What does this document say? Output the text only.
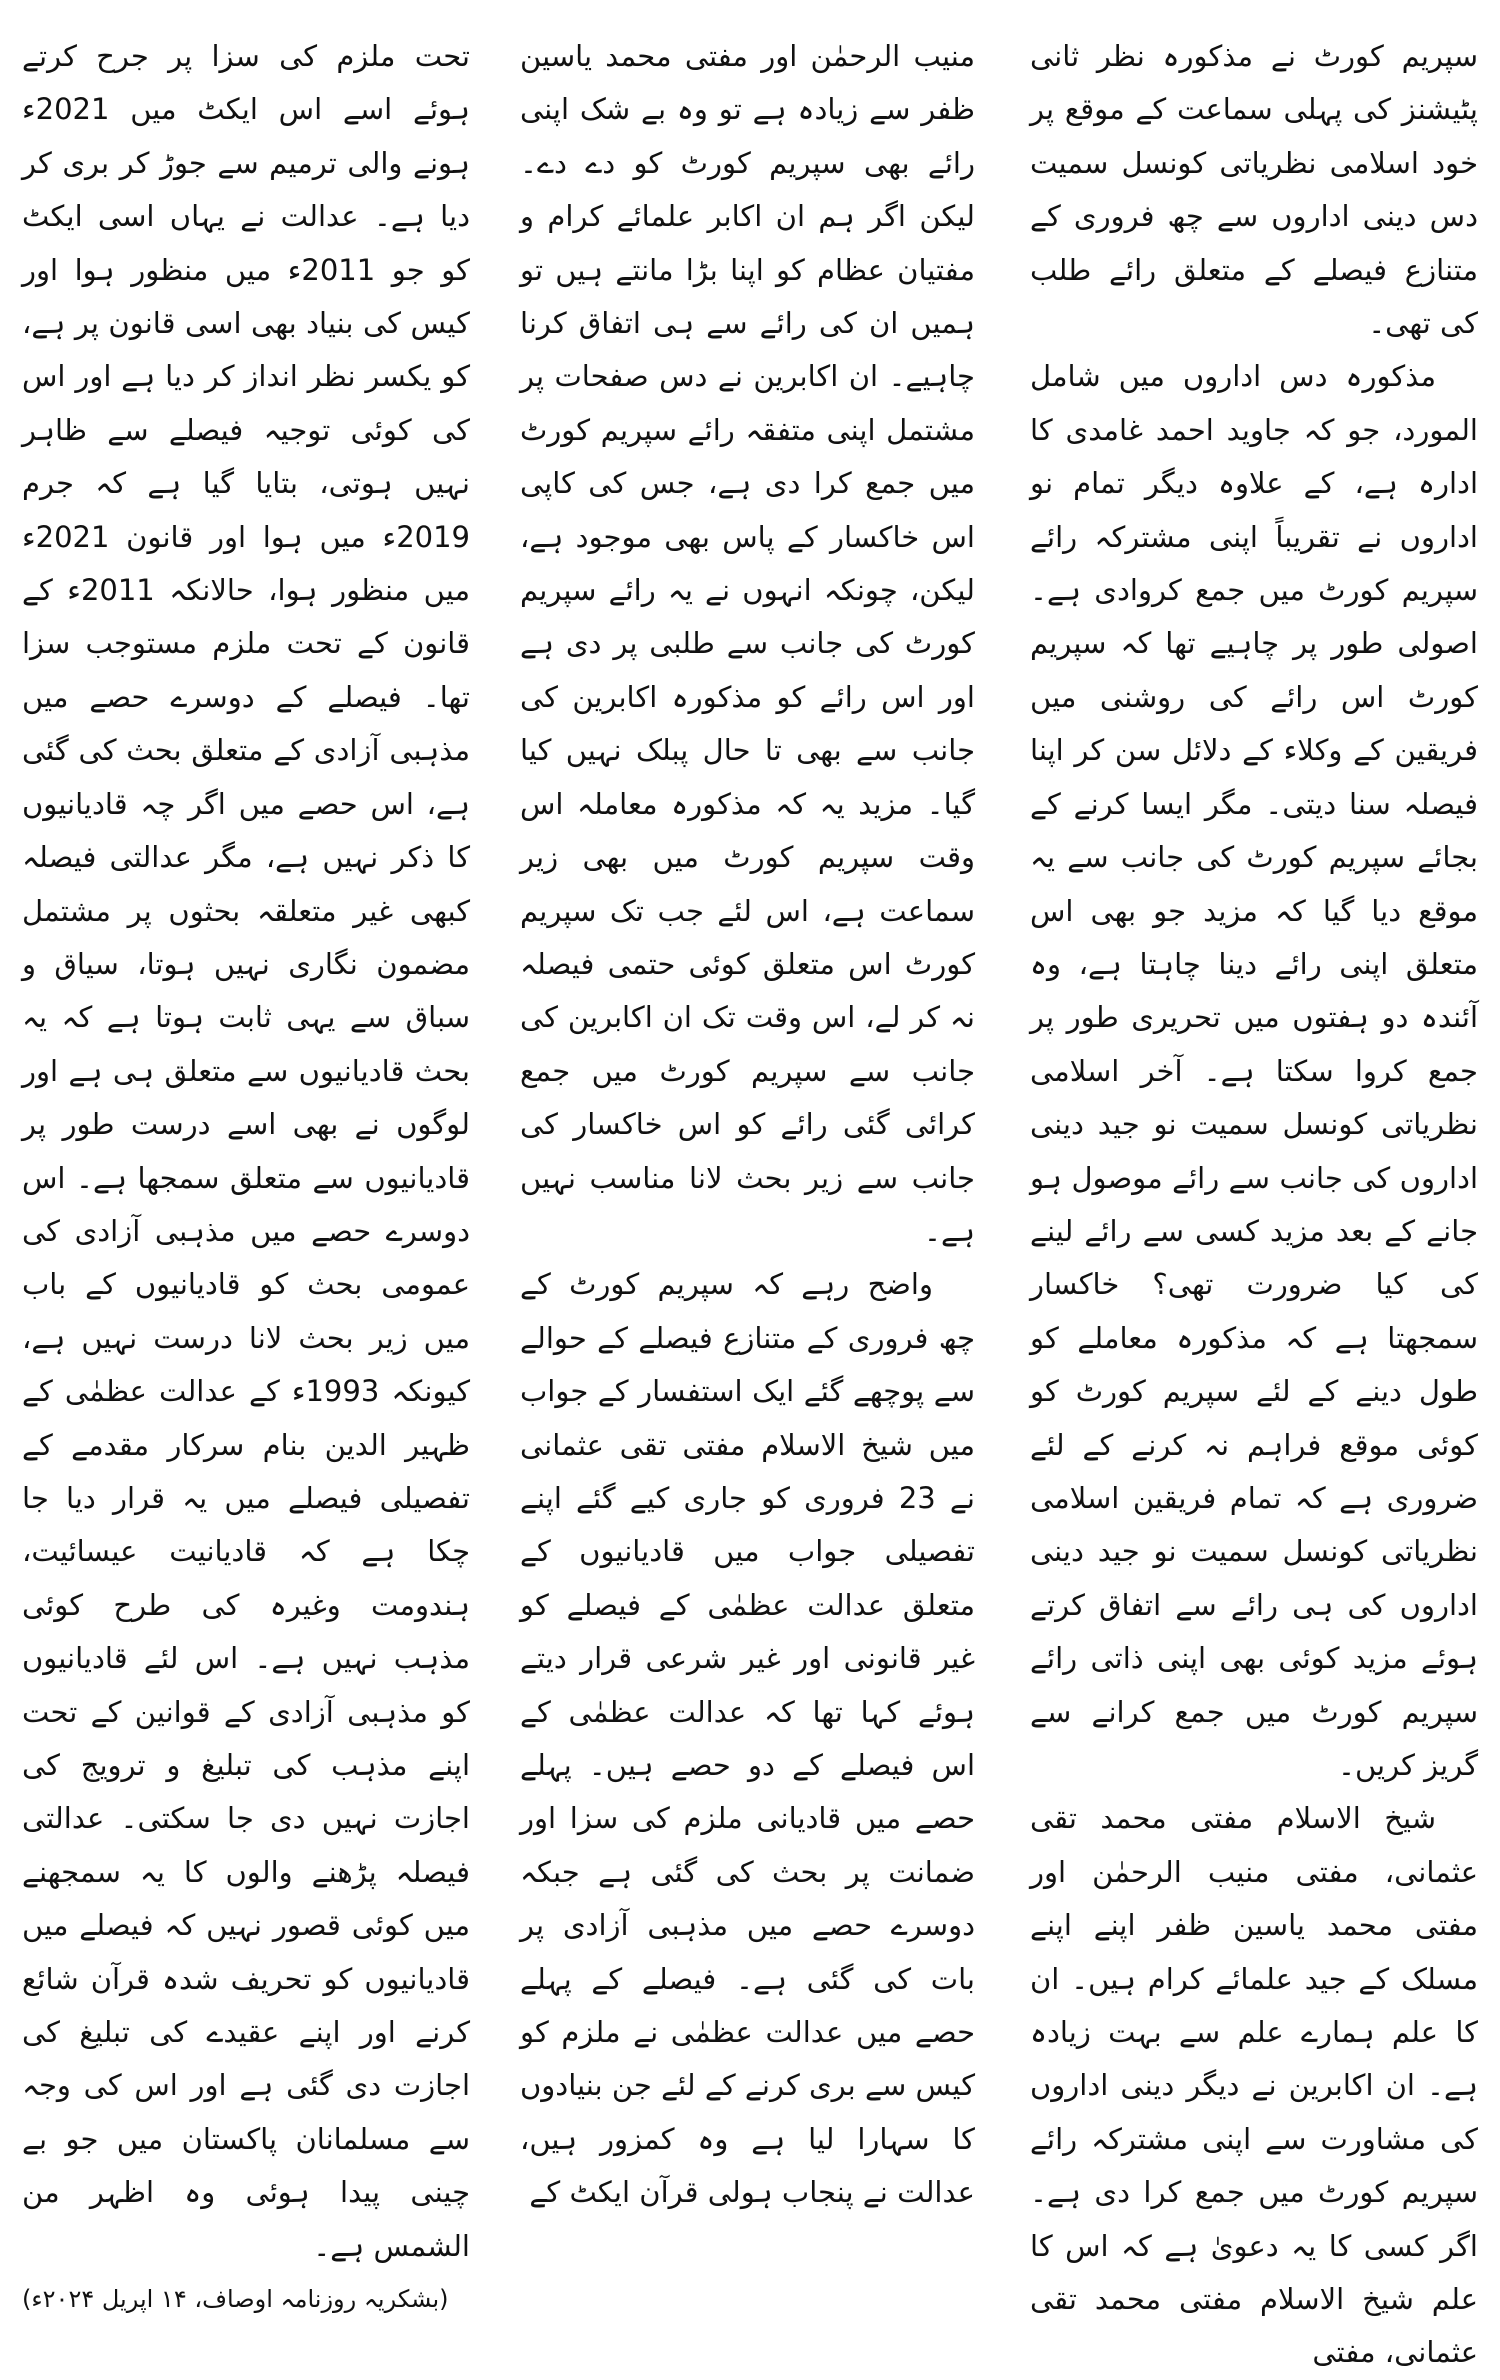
سپریم کورٹ نے مذکورہ نظر ثانی پٹیشنز کی پہلی سماعت کے موقع پر خود اسلامی نظریاتی کونسل سمیت دس دینی اداروں سے چھ فروری کے متنازع فیصلے کے متعلق رائے طلب کی تھی۔

مذکورہ دس اداروں میں شامل المورد، جو کہ جاوید احمد غامدی کا ادارہ ہے، کے علاوہ دیگر تمام نو اداروں نے تقریباً اپنی مشترکہ رائے سپریم کورٹ میں جمع کروادی ہے۔ اصولی طور پر چاہیے تھا کہ سپریم کورٹ اس رائے کی روشنی میں فریقین کے وکلاء کے دلائل سن کر اپنا فیصلہ سنا دیتی۔ مگر ایسا کرنے کے بجائے سپریم کورٹ کی جانب سے یہ موقع دیا گیا کہ مزید جو بھی اس متعلق اپنی رائے دینا چاہتا ہے، وہ آئندہ دو ہفتوں میں تحریری طور پر جمع کروا سکتا ہے۔ آخر اسلامی نظریاتی کونسل سمیت نو جید دینی اداروں کی جانب سے رائے موصول ہو جانے کے بعد مزید کسی سے رائے لینے کی کیا ضرورت تھی؟ خاکسار سمجھتا ہے کہ مذکورہ معاملے کو طول دینے کے لئے سپریم کورٹ کو کوئی موقع فراہم نہ کرنے کے لئے ضروری ہے کہ تمام فریقین اسلامی نظریاتی کونسل سمیت نو جید دینی اداروں کی ہی رائے سے اتفاق کرتے ہوئے مزید کوئی بھی اپنی ذاتی رائے سپریم کورٹ میں جمع کرانے سے گریز کریں۔

شیخ الاسلام مفتی محمد تقی عثمانی، مفتی منیب الرحمٰن اور مفتی محمد یاسین ظفر اپنے اپنے مسلک کے جید علمائے کرام ہیں۔ ان کا علم ہمارے علم سے بہت زیادہ ہے۔ ان اکابرین نے دیگر دینی اداروں کی مشاورت سے اپنی مشترکہ رائے سپریم کورٹ میں جمع کرا دی ہے۔ اگر کسی کا یہ دعویٰ ہے کہ اس کا علم شیخ الاسلام مفتی محمد تقی عثمانی، مفتی

منیب الرحمٰن اور مفتی محمد یاسین ظفر سے زیادہ ہے تو وہ بے شک اپنی رائے بھی سپریم کورٹ کو دے دے۔ لیکن اگر ہم ان اکابر علمائے کرام و مفتیان عظام کو اپنا بڑا مانتے ہیں تو ہمیں ان کی رائے سے ہی اتفاق کرنا چاہیے۔ ان اکابرین نے دس صفحات پر مشتمل اپنی متفقہ رائے سپریم کورٹ میں جمع کرا دی ہے، جس کی کاپی اس خاکسار کے پاس بھی موجود ہے، لیکن، چونکہ انہوں نے یہ رائے سپریم کورٹ کی جانب سے طلبی پر دی ہے اور اس رائے کو مذکورہ اکابرین کی جانب سے بھی تا حال پبلک نہیں کیا گیا۔ مزید یہ کہ مذکورہ معاملہ اس وقت سپریم کورٹ میں بھی زیر سماعت ہے، اس لئے جب تک سپریم کورٹ اس متعلق کوئی حتمی فیصلہ نہ کر لے، اس وقت تک ان اکابرین کی جانب سے سپریم کورٹ میں جمع کرائی گئی رائے کو اس خاکسار کی جانب سے زیر بحث لانا مناسب نہیں ہے۔

واضح رہے کہ سپریم کورٹ کے چھ فروری کے متنازع فیصلے کے حوالے سے پوچھے گئے ایک استفسار کے جواب میں شیخ الاسلام مفتی تقی عثمانی نے 23 فروری کو جاری کیے گئے اپنے تفصیلی جواب میں قادیانیوں کے متعلق عدالت عظمٰی کے فیصلے کو غیر قانونی اور غیر شرعی قرار دیتے ہوئے کہا تھا کہ عدالت عظمٰی کے اس فیصلے کے دو حصے ہیں۔ پہلے حصے میں قادیانی ملزم کی سزا اور ضمانت پر بحث کی گئی ہے جبکہ دوسرے حصے میں مذہبی آزادی پر بات کی گئی ہے۔ فیصلے کے پہلے حصے میں عدالت عظمٰی نے ملزم کو کیس سے بری کرنے کے لئے جن بنیادوں کا سہارا لیا ہے وہ کمزور ہیں، عدالت نے پنجاب ہولی قرآن ایکٹ کے

تحت ملزم کی سزا پر جرح کرتے ہوئے اسے اس ایکٹ میں 2021ء ہونے والی ترمیم سے جوڑ کر بری کر دیا ہے۔ عدالت نے یہاں اسی ایکٹ کو جو 2011ء میں منظور ہوا اور کیس کی بنیاد بھی اسی قانون پر ہے، کو یکسر نظر انداز کر دیا ہے اور اس کی کوئی توجیہ فیصلے سے ظاہر نہیں ہوتی، بتایا گیا ہے کہ جرم 2019ء میں ہوا اور قانون 2021ء میں منظور ہوا، حالانکہ 2011ء کے قانون کے تحت ملزم مستوجب سزا تھا۔ فیصلے کے دوسرے حصے میں مذہبی آزادی کے متعلق بحث کی گئی ہے، اس حصے میں اگر چہ قادیانیوں کا ذکر نہیں ہے، مگر عدالتی فیصلہ کبھی غیر متعلقہ بحثوں پر مشتمل مضمون نگاری نہیں ہوتا، سیاق و سباق سے یہی ثابت ہوتا ہے کہ یہ بحث قادیانیوں سے متعلق ہی ہے اور لوگوں نے بھی اسے درست طور پر قادیانیوں سے متعلق سمجھا ہے۔ اس دوسرے حصے میں مذہبی آزادی کی عمومی بحث کو قادیانیوں کے باب میں زیر بحث لانا درست نہیں ہے، کیونکہ 1993ء کے عدالت عظمٰی کے ظہیر الدین بنام سرکار مقدمے کے تفصیلی فیصلے میں یہ قرار دیا جا چکا ہے کہ قادیانیت عیسائیت، ہندومت وغیرہ کی طرح کوئی مذہب نہیں ہے۔ اس لئے قادیانیوں کو مذہبی آزادی کے قوانین کے تحت اپنے مذہب کی تبلیغ و ترویج کی اجازت نہیں دی جا سکتی۔ عدالتی فیصلہ پڑھنے والوں کا یہ سمجھنے میں کوئی قصور نہیں کہ فیصلے میں قادیانیوں کو تحریف شدہ قرآن شائع کرنے اور اپنے عقیدے کی تبلیغ کی اجازت دی گئی ہے اور اس کی وجہ سے مسلمانان پاکستان میں جو بے چینی پیدا ہوئی وہ اظہر من الشمس ہے۔

(بشکریہ روزنامہ اوصاف، ۱۴ اپریل ۲۰۲۴ء)
